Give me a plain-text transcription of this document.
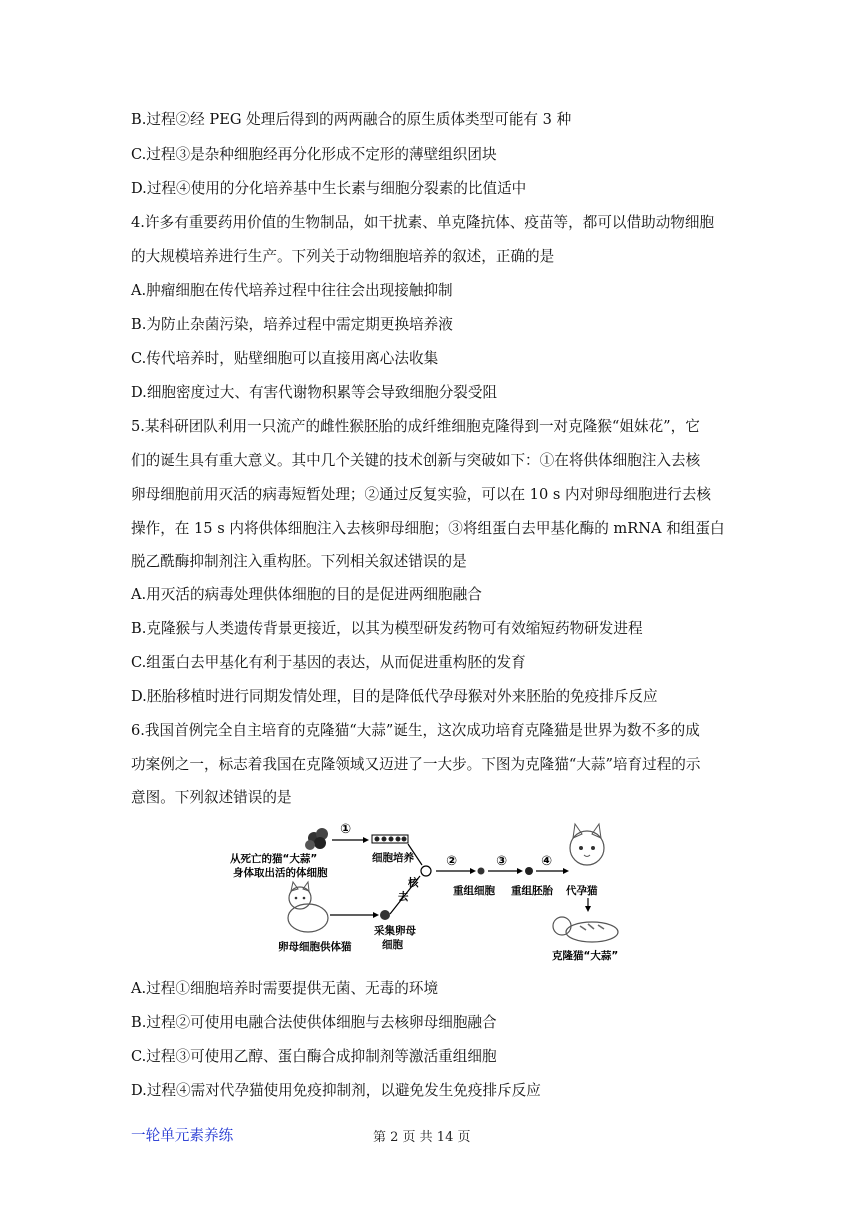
B.过程②经 PEG 处理后得到的两两融合的原生质体类型可能有 3 种
C.过程③是杂种细胞经再分化形成不定形的薄壁组织团块
D.过程④使用的分化培养基中生长素与细胞分裂素的比值适中
4.许多有重要药用价值的生物制品，如干扰素、单克隆抗体、疫苗等，都可以借助动物细胞
的大规模培养进行生产。下列关于动物细胞培养的叙述，正确的是
A.肿瘤细胞在传代培养过程中往往会出现接触抑制
B.为防止杂菌污染，培养过程中需定期更换培养液
C.传代培养时，贴壁细胞可以直接用离心法收集
D.细胞密度过大、有害代谢物积累等会导致细胞分裂受阻
5.某科研团队利用一只流产的雌性猴胚胎的成纤维细胞克隆得到一对克隆猴“姐妹花”，它
们的诞生具有重大意义。其中几个关键的技术创新与突破如下：①在将供体细胞注入去核
卵母细胞前用灭活的病毒短暂处理；②通过反复实验，可以在 10 s 内对卵母细胞进行去核
操作，在 15 s 内将供体细胞注入去核卵母细胞；③将组蛋白去甲基化酶的 mRNA 和组蛋白
脱乙酰酶抑制剂注入重构胚。下列相关叙述错误的是
A.用灭活的病毒处理供体细胞的目的是促进两细胞融合
B.克隆猴与人类遗传背景更接近，以其为模型研发药物可有效缩短药物研发进程
C.组蛋白去甲基化有利于基因的表达，从而促进重构胚的发育
D.胚胎移植时进行同期发情处理，目的是降低代孕母猴对外来胚胎的免疫排斥反应
6.我国首例完全自主培育的克隆猫“大蒜”诞生，这次成功培育克隆猫是世界为数不多的成
功案例之一，标志着我国在克隆领域又迈进了一大步。下图为克隆猫“大蒜”培育过程的示
意图。下列叙述错误的是
①
从死亡的猫“大蒜”
身体取出活的体细胞
细胞培养
去
核
采集卵母
细胞
卵母细胞供体猫
②
重组细胞
③
重组胚胎
④
代孕猫
克隆猫“大蒜”
A.过程①细胞培养时需要提供无菌、无毒的环境
B.过程②可使用电融合法使供体细胞与去核卵母细胞融合
C.过程③可使用乙醇、蛋白酶合成抑制剂等激活重组细胞
D.过程④需对代孕猫使用免疫抑制剂，以避免发生免疫排斥反应
一轮单元素养练	第 2 页 共 14 页
